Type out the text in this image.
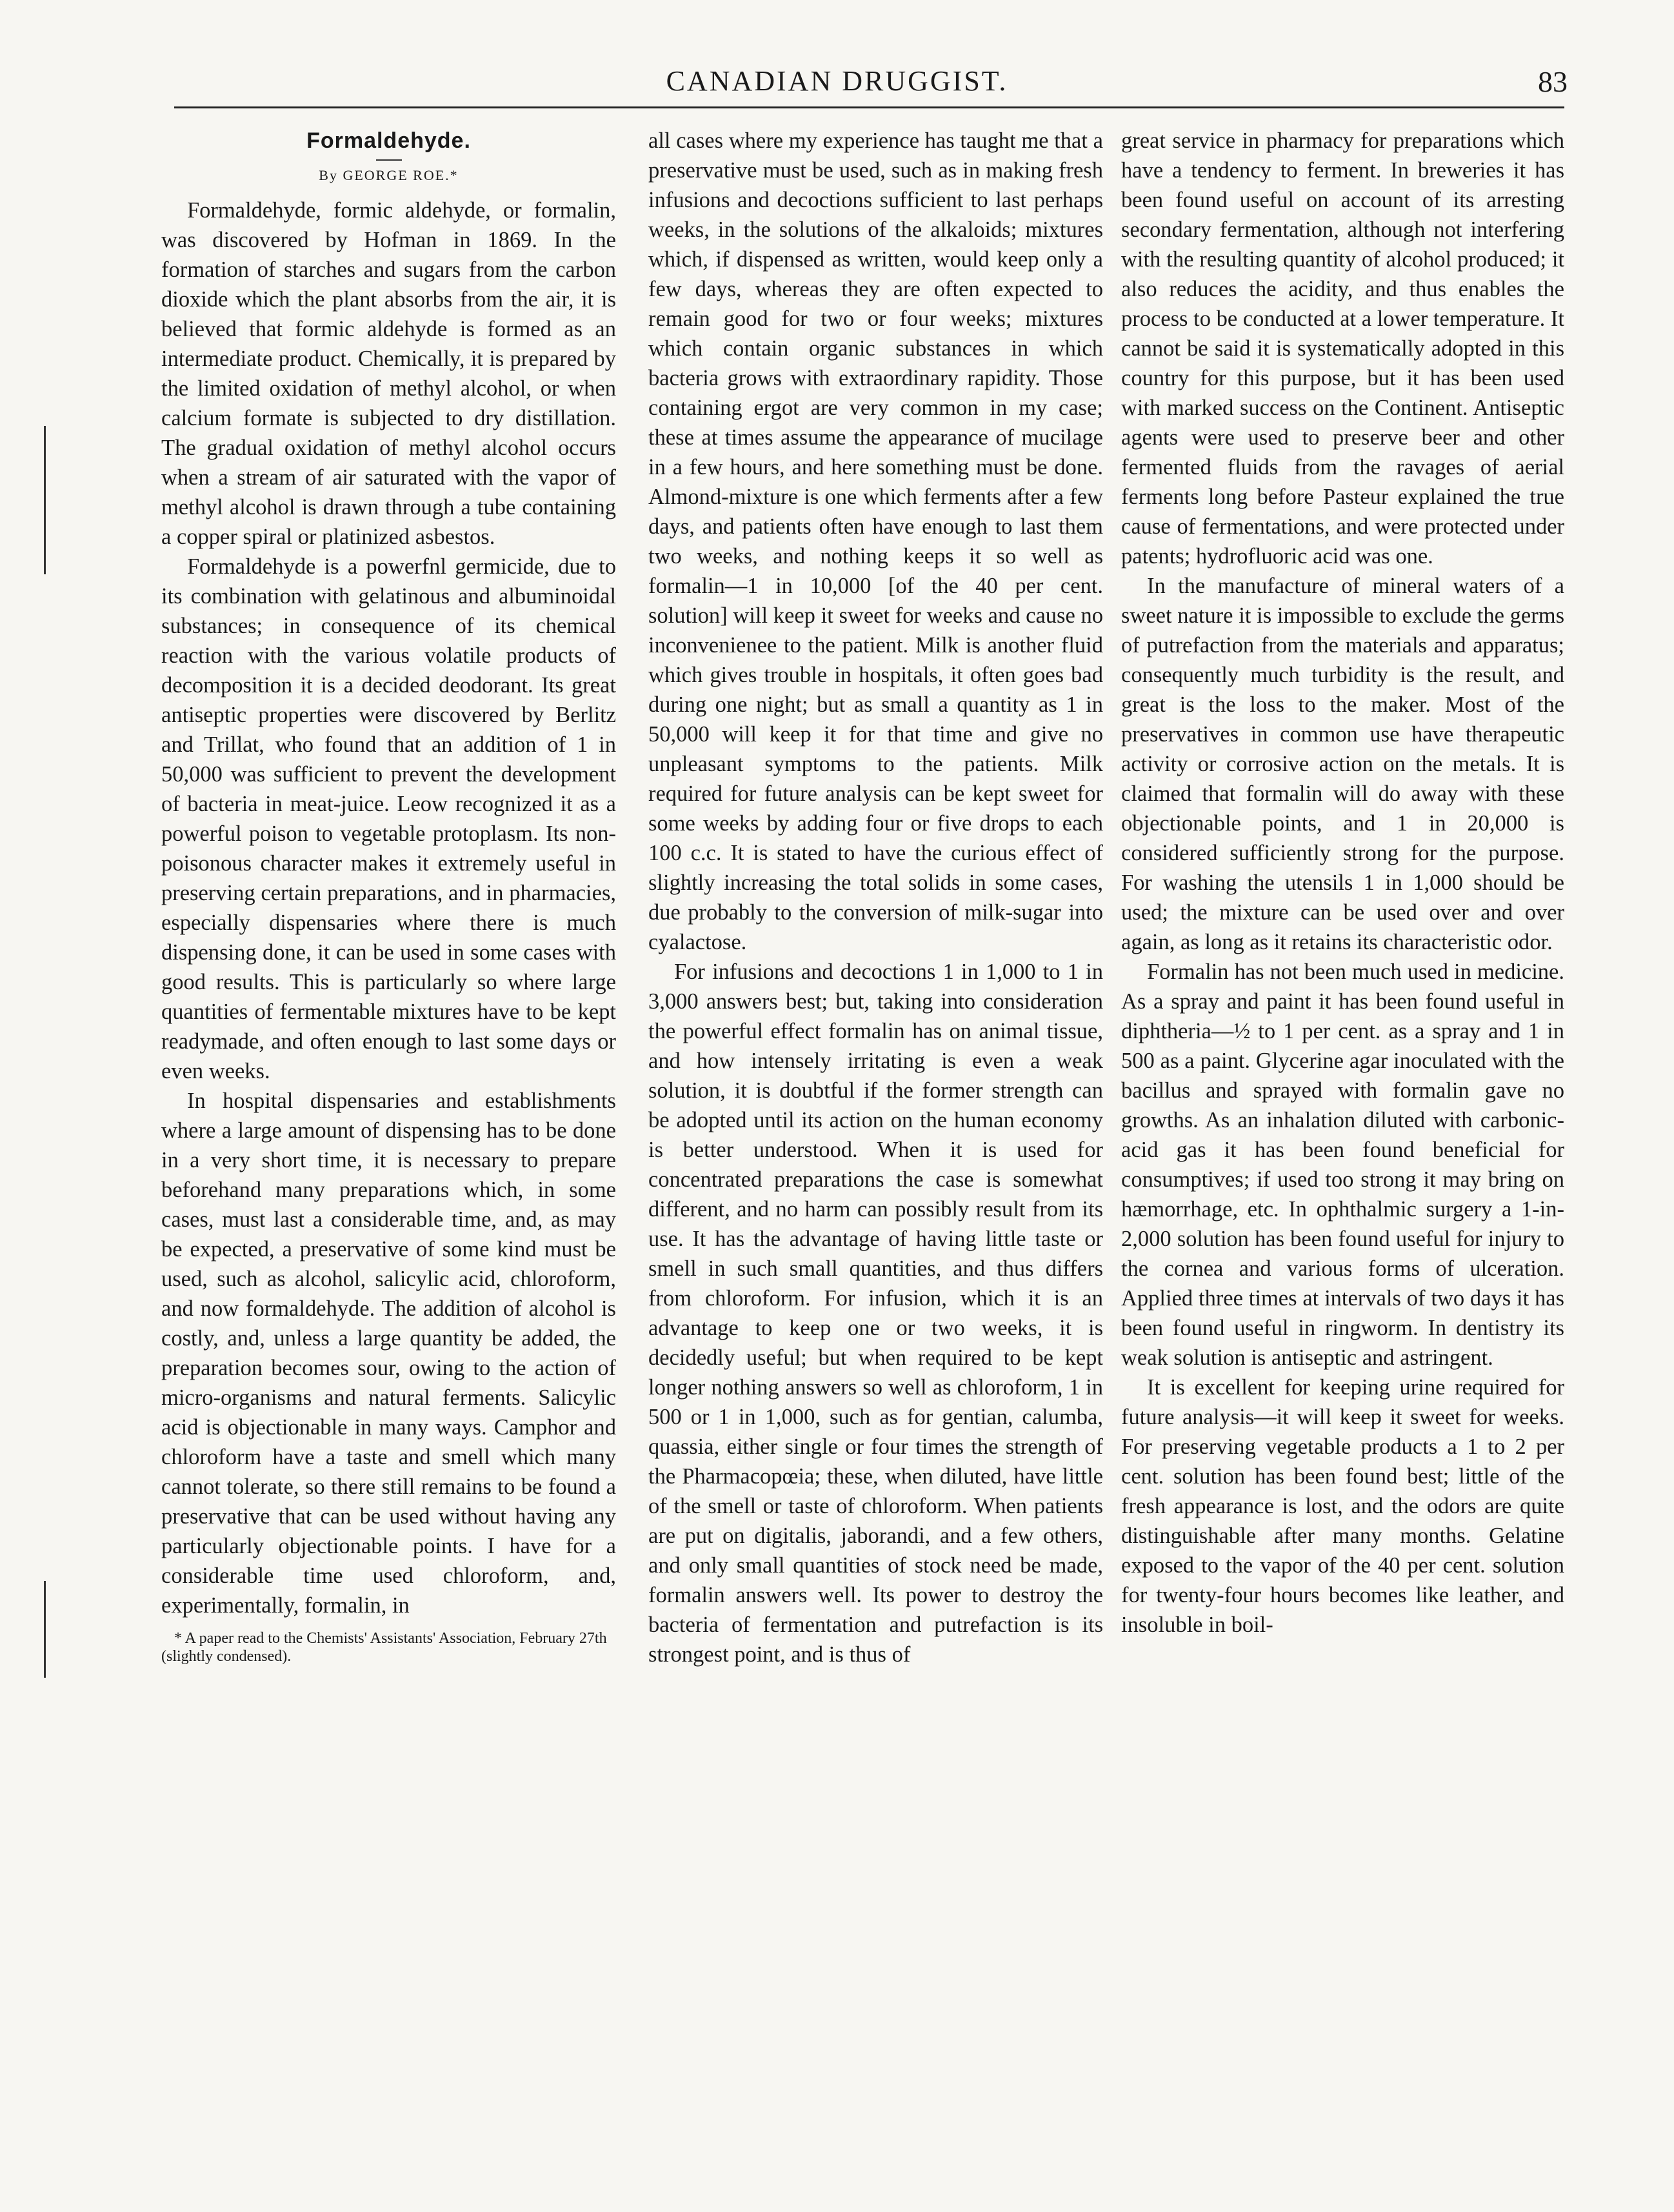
CANADIAN DRUGGIST.	83
Formaldehyde.
By GEORGE ROE.*

Formaldehyde, formic aldehyde, or formalin, was discovered by Hofman in 1869. In the formation of starches and sugars from the carbon dioxide which the plant absorbs from the air, it is believed that formic aldehyde is formed as an intermediate product. Chemically, it is prepared by the limited oxidation of methyl alcohol, or when calcium formate is subjected to dry distillation. The gradual oxidation of methyl alcohol occurs when a stream of air saturated with the vapor of methyl alcohol is drawn through a tube containing a copper spiral or platinized asbestos.

Formaldehyde is a powerfnl germicide, due to its combination with gelatinous and albuminoidal substances; in consequence of its chemical reaction with the various volatile products of decomposition it is a decided deodorant. Its great antiseptic properties were discovered by Berlitz and Trillat, who found that an addition of 1 in 50,000 was sufficient to prevent the development of bacteria in meat-juice. Leow recognized it as a powerful poison to vegetable protoplasm. Its non-poisonous character makes it extremely useful in preserving certain preparations, and in pharmacies, especially dispensaries where there is much dispensing done, it can be used in some cases with good results. This is particularly so where large quantities of fermentable mixtures have to be kept readymade, and often enough to last some days or even weeks.

In hospital dispensaries and establishments where a large amount of dispensing has to be done in a very short time, it is necessary to prepare beforehand many preparations which, in some cases, must last a considerable time, and, as may be expected, a preservative of some kind must be used, such as alcohol, salicylic acid, chloroform, and now formaldehyde. The addition of alcohol is costly, and, unless a large quantity be added, the preparation becomes sour, owing to the action of micro-organisms and natural ferments. Salicylic acid is objectionable in many ways. Camphor and chloroform have a taste and smell which many cannot tolerate, so there still remains to be found a preservative that can be used without having any particularly objectionable points. I have for a considerable time used chloroform, and, experimentally, formalin, in

* A paper read to the Chemists' Assistants' Association, February 27th (slightly condensed).

all cases where my experience has taught me that a preservative must be used, such as in making fresh infusions and decoctions sufficient to last perhaps weeks, in the solutions of the alkaloids; mixtures which, if dispensed as written, would keep only a few days, whereas they are often expected to remain good for two or four weeks; mixtures which contain organic substances in which bacteria grows with extraordinary rapidity. Those containing ergot are very common in my case; these at times assume the appearance of mucilage in a few hours, and here something must be done. Almond-mixture is one which ferments after a few days, and patients often have enough to last them two weeks, and nothing keeps it so well as formalin—1 in 10,000 [of the 40 per cent. solution] will keep it sweet for weeks and cause no inconvenienee to the patient. Milk is another fluid which gives trouble in hospitals, it often goes bad during one night; but as small a quantity as 1 in 50,000 will keep it for that time and give no unpleasant symptoms to the patients. Milk required for future analysis can be kept sweet for some weeks by adding four or five drops to each 100 c.c. It is stated to have the curious effect of slightly increasing the total solids in some cases, due probably to the conversion of milk-sugar into cyalactose.

For infusions and decoctions 1 in 1,000 to 1 in 3,000 answers best; but, taking into consideration the powerful effect formalin has on animal tissue, and how intensely irritating is even a weak solution, it is doubtful if the former strength can be adopted until its action on the human economy is better understood. When it is used for concentrated preparations the case is somewhat different, and no harm can possibly result from its use. It has the advantage of having little taste or smell in such small quantities, and thus differs from chloroform. For infusion, which it is an advantage to keep one or two weeks, it is decidedly useful; but when required to be kept longer nothing answers so well as chloroform, 1 in 500 or 1 in 1,000, such as for gentian, calumba, quassia, either single or four times the strength of the Pharmacopœia; these, when diluted, have little of the smell or taste of chloroform. When patients are put on digitalis, jaborandi, and a few others, and only small quantities of stock need be made, formalin answers well. Its power to destroy the bacteria of fermentation and putrefaction is its strongest point, and is thus of

great service in pharmacy for preparations which have a tendency to ferment. In breweries it has been found useful on account of its arresting secondary fermentation, although not interfering with the resulting quantity of alcohol produced; it also reduces the acidity, and thus enables the process to be conducted at a lower temperature. It cannot be said it is systematically adopted in this country for this purpose, but it has been used with marked success on the Continent. Antiseptic agents were used to preserve beer and other fermented fluids from the ravages of aerial ferments long before Pasteur explained the true cause of fermentations, and were protected under patents; hydrofluoric acid was one.

In the manufacture of mineral waters of a sweet nature it is impossible to exclude the germs of putrefaction from the materials and apparatus; consequently much turbidity is the result, and great is the loss to the maker. Most of the preservatives in common use have therapeutic activity or corrosive action on the metals. It is claimed that formalin will do away with these objectionable points, and 1 in 20,000 is considered sufficiently strong for the purpose. For washing the utensils 1 in 1,000 should be used; the mixture can be used over and over again, as long as it retains its characteristic odor.

Formalin has not been much used in medicine. As a spray and paint it has been found useful in diphtheria—½ to 1 per cent. as a spray and 1 in 500 as a paint. Glycerine agar inoculated with the bacillus and sprayed with formalin gave no growths. As an inhalation diluted with carbonic-acid gas it has been found beneficial for consumptives; if used too strong it may bring on hæmorrhage, etc. In ophthalmic surgery a 1-in-2,000 solution has been found useful for injury to the cornea and various forms of ulceration. Applied three times at intervals of two days it has been found useful in ringworm. In dentistry its weak solution is antiseptic and astringent.

It is excellent for keeping urine required for future analysis—it will keep it sweet for weeks. For preserving vegetable products a 1 to 2 per cent. solution has been found best; little of the fresh appearance is lost, and the odors are quite distinguishable after many months. Gelatine exposed to the vapor of the 40 per cent. solution for twenty-four hours becomes like leather, and insoluble in boil-
